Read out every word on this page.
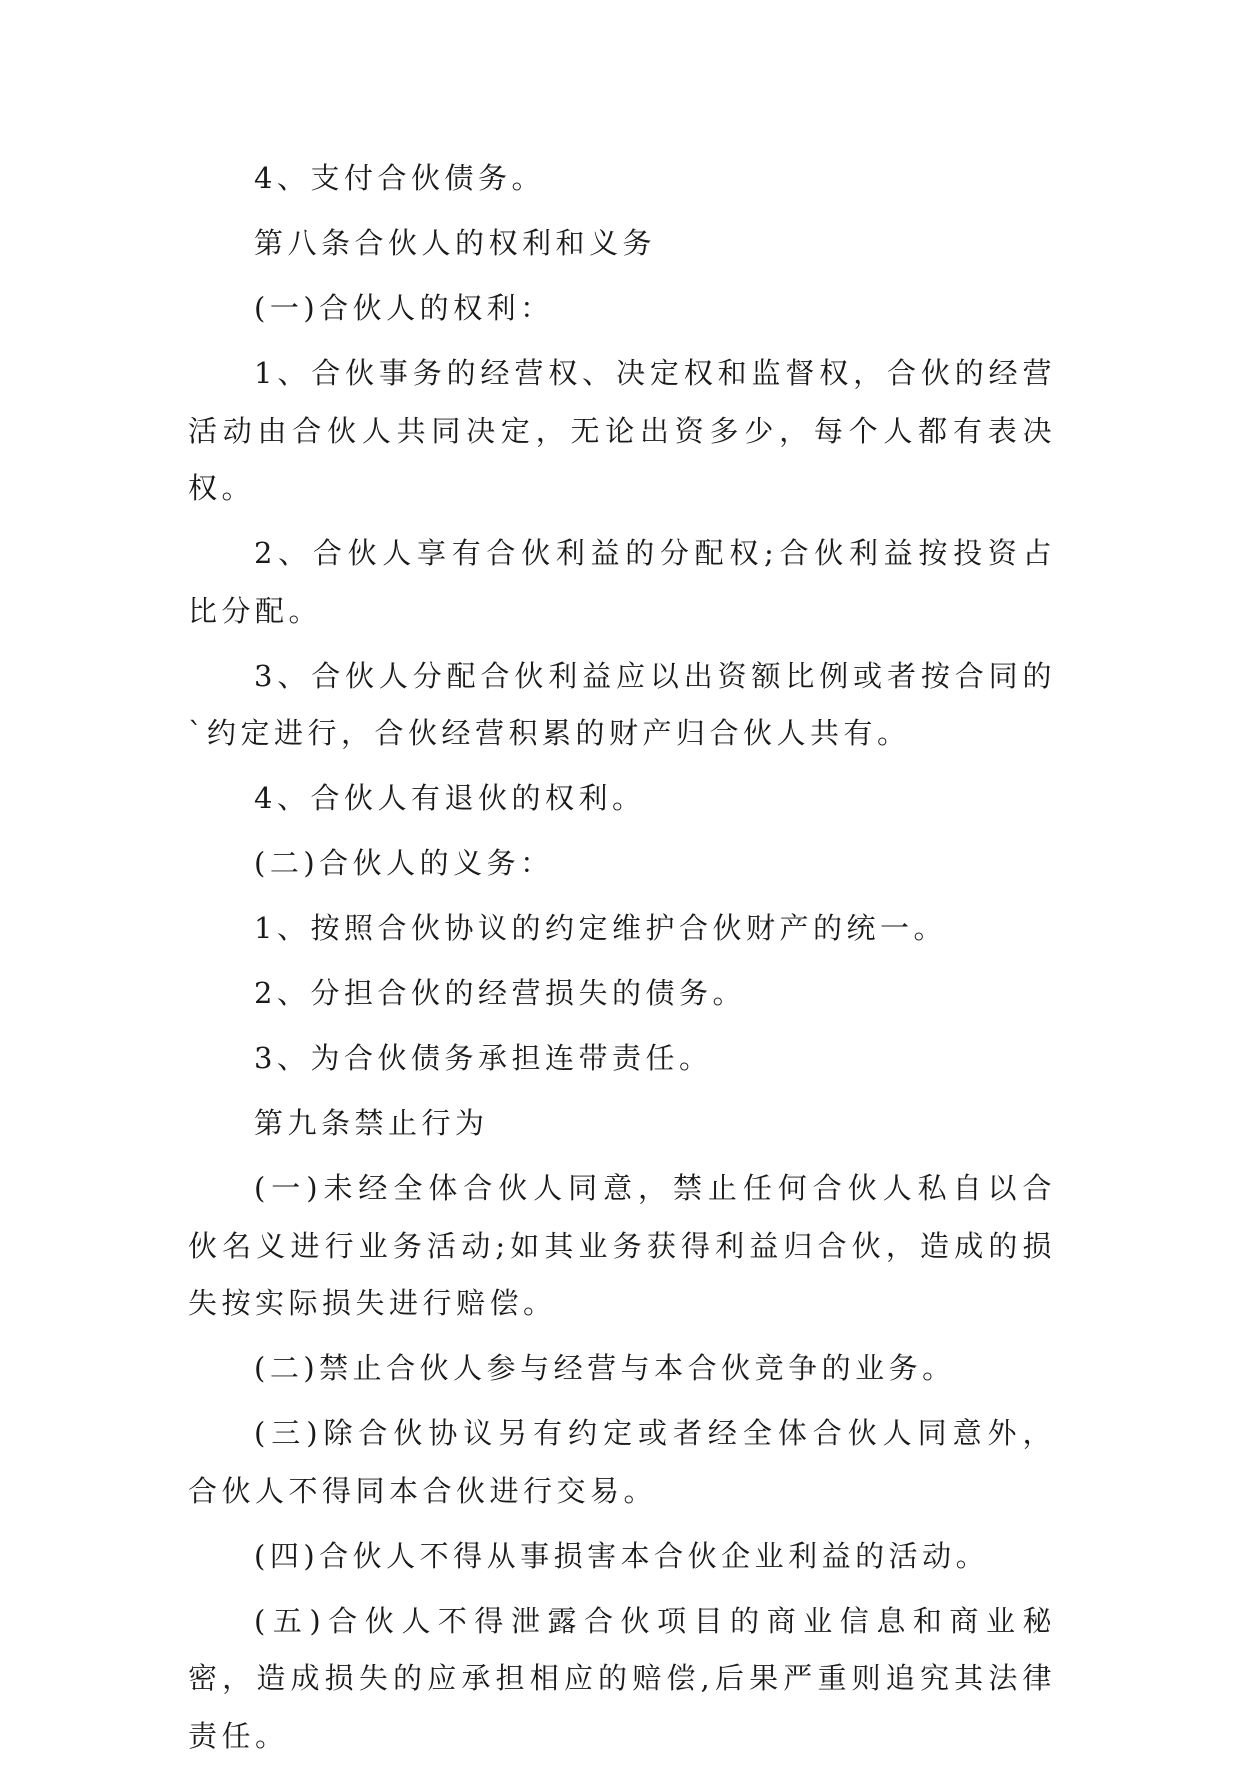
4、支付合伙债务。

第八条合伙人的权利和义务

(一)合伙人的权利：

1、合伙事务的经营权、决定权和监督权，合伙的经营活动由合伙人共同决定，无论出资多少，每个人都有表决权。

2、合伙人享有合伙利益的分配权;合伙利益按投资占比分配。

3、合伙人分配合伙利益应以出资额比例或者按合同的`约定进行，合伙经营积累的财产归合伙人共有。

4、合伙人有退伙的权利。

(二)合伙人的义务：

1、按照合伙协议的约定维护合伙财产的统一。

2、分担合伙的经营损失的债务。

3、为合伙债务承担连带责任。

第九条禁止行为

(一)未经全体合伙人同意，禁止任何合伙人私自以合伙名义进行业务活动;如其业务获得利益归合伙，造成的损失按实际损失进行赔偿。

(二)禁止合伙人参与经营与本合伙竞争的业务。

(三)除合伙协议另有约定或者经全体合伙人同意外，合伙人不得同本合伙进行交易。

(四)合伙人不得从事损害本合伙企业利益的活动。

(五)合伙人不得泄露合伙项目的商业信息和商业秘密，造成损失的应承担相应的赔偿,后果严重则追究其法律责任。
